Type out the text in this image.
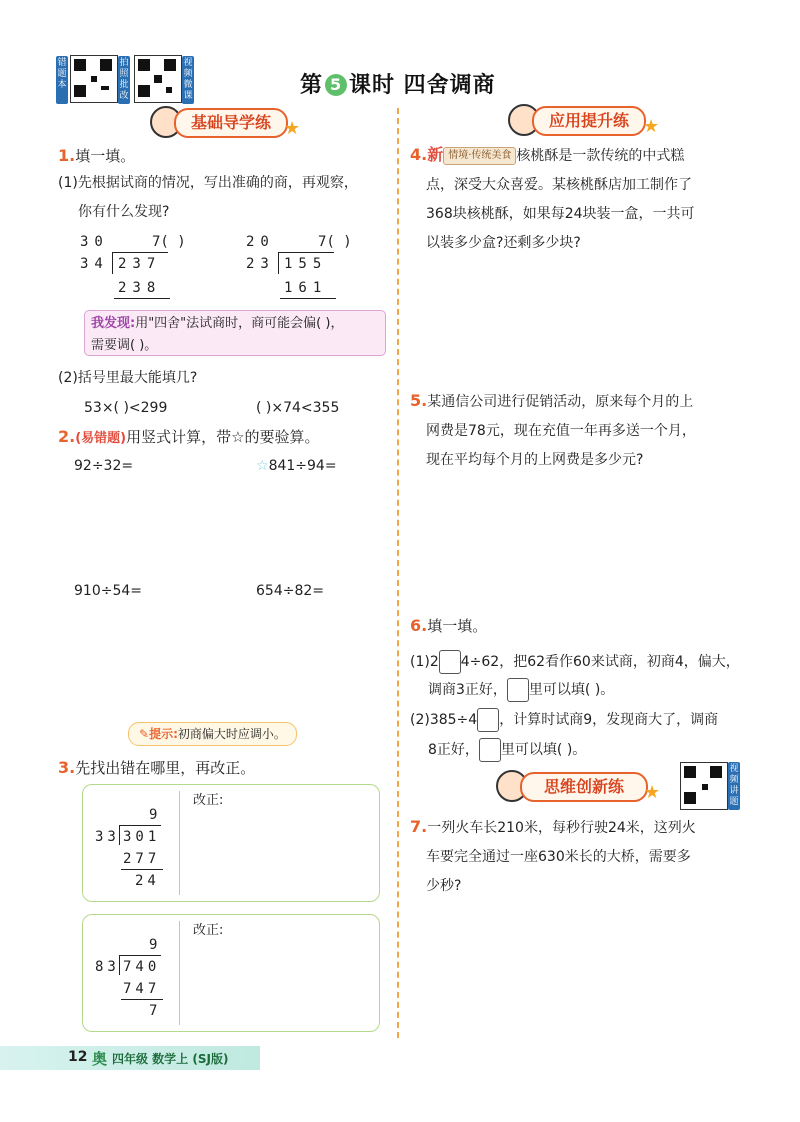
错题本
拍照批改
视频微课	第 5 课时 四舍调商
基础导学练 ★	应用提升练 ★
思维创新练	★
1.填一填。
(1)先根据试商的情况，写出准确的商，再观察，
你有什么发现?
30	7( )
34 237
238
20	7( )
23 155
161
我发现:用"四舍"法试商时，商可能会偏( )，
需要调( )。
(2)括号里最大能填几?
53×( )<299	( )×74<355
2.(易错题)用竖式计算，带☆的要验算。
92÷32=	☆841÷94=
910÷54=	654÷82=
✎提示:初商偏大时应调小。
3.先找出错在哪里，再改正。
改正:
9
33 301
277
24
改正:
9
83 740
747
7
4.新 情境·传统美食 核桃酥是一款传统的中式糕
点，深受大众喜爱。某核桃酥店加工制作了
368块核桃酥，如果每24块装一盒，一共可
以装多少盒?还剩多少块?
5.某通信公司进行促销活动，原来每个月的上
网费是78元，现在充值一年再多送一个月，
现在平均每个月的上网费是多少元?
6.填一填。
(1)2 4÷62，把62看作60来试商，初商4，偏大，
调商3正好， 里可以填( )。
(2)385÷4 ，计算时试商9，发现商大了，调商
8正好， 里可以填( )。
视频讲题
7.一列火车长210米，每秒行驶24米，这列火
车要完全通过一座630米长的大桥，需要多
少秒?
12 奥 四年级 数学上 (SJ版)
